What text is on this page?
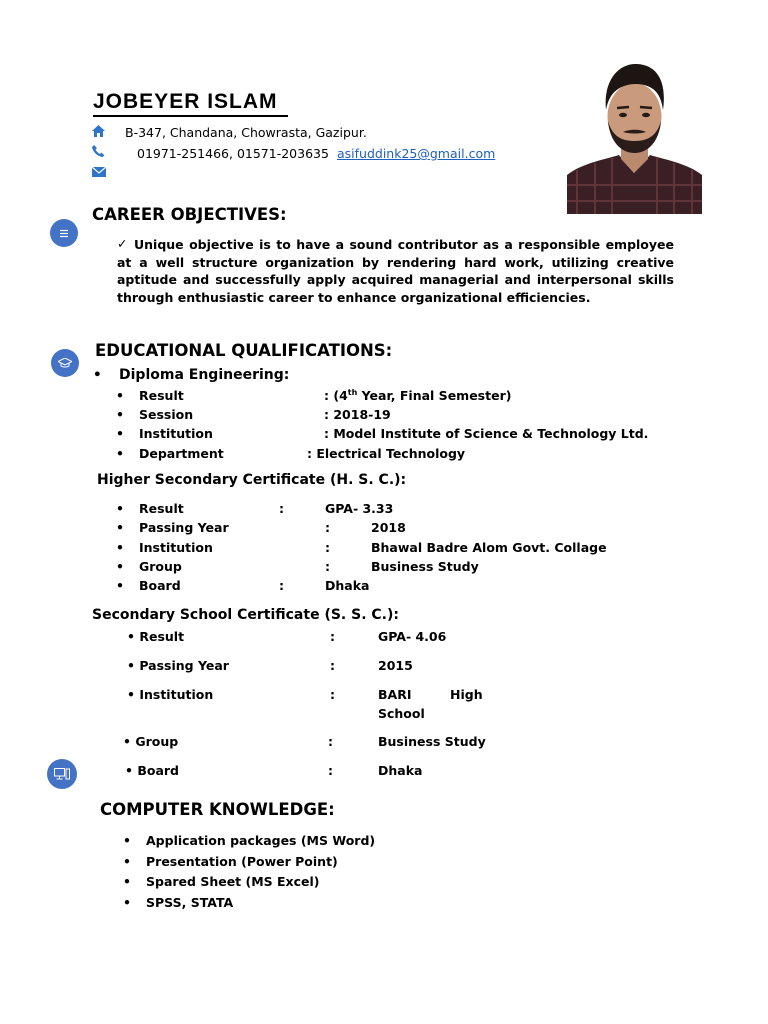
JOBEYER ISLAM
B-347, Chandana, Chowrasta, Gazipur.
01971-251466, 01571-203635 asifuddink25@gmail.com
CAREER OBJECTIVES:
✓ Unique objective is to have a sound contributor as a responsible employee at a well structure organization by rendering hard work, utilizing creative aptitude and successfully apply acquired managerial and interpersonal skills through enthusiastic career to enhance organizational efficiencies.
EDUCATIONAL QUALIFICATIONS:
• Diploma Engineering:
• Result	: (4th Year, Final Semester)
• Session	: 2018-19
• Institution	: Model Institute of Science & Technology Ltd.
• Department	: Electrical Technology
Higher Secondary Certificate (H. S. C.):
• Result	:	GPA- 3.33
• Passing Year	:	2018
• Institution	:	Bhawal Badre Alom Govt. Collage
• Group	:	Business Study
• Board	:	Dhaka
Secondary School Certificate (S. S. C.):
• Result	:	GPA- 4.06
• Passing Year	:	2015
• Institution	:	BARI	High
School
• Group	:	Business Study
• Board	:	Dhaka
COMPUTER KNOWLEDGE:
• Application packages (MS Word)
• Presentation (Power Point)
• Spared Sheet (MS Excel)
• SPSS, STATA
